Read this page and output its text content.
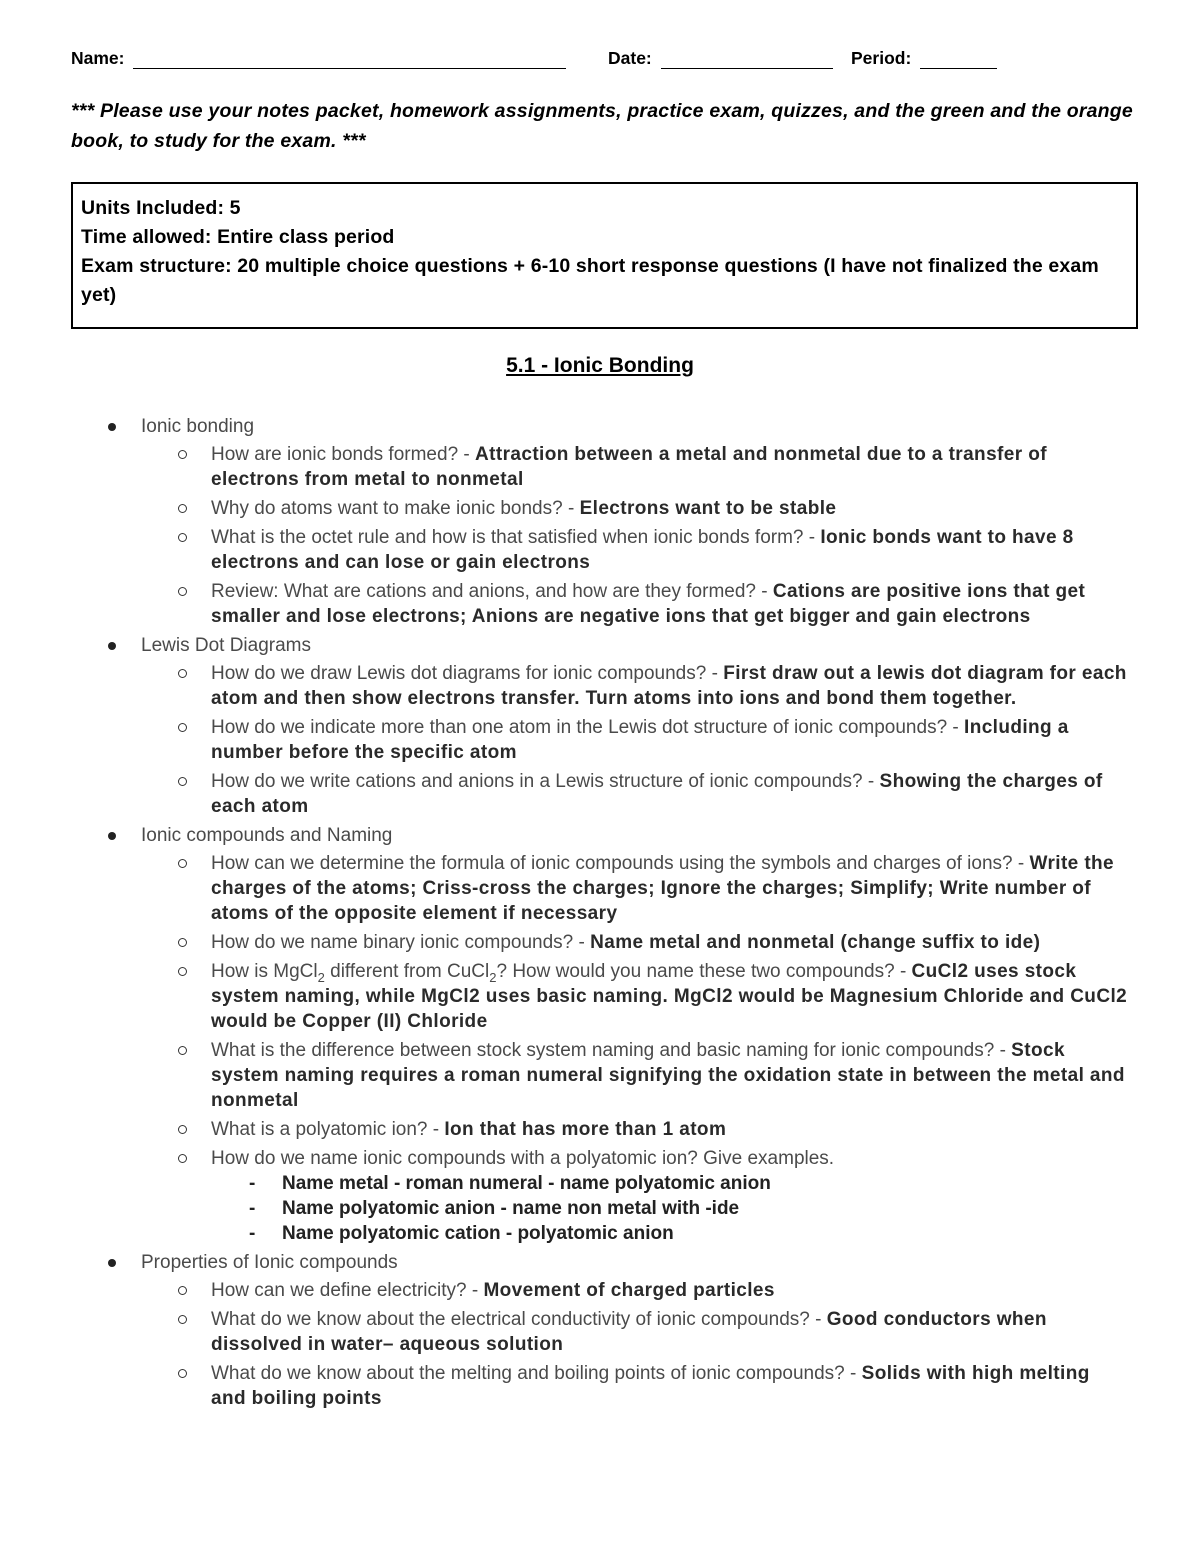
Name:	Date:	Period:
*** Please use your notes packet, homework assignments, practice exam, quizzes, and the green and the orange book, to study for the exam. ***
Units Included: 5
Time allowed: Entire class period
Exam structure: 20 multiple choice questions + 6-10 short response questions (I have not finalized the exam yet)
5.1 - Ionic Bonding
Ionic bonding
How are ionic bonds formed? - Attraction between a metal and nonmetal due to a transfer of electrons from metal to nonmetal
Why do atoms want to make ionic bonds? - Electrons want to be stable
What is the octet rule and how is that satisfied when ionic bonds form? - Ionic bonds want to have 8 electrons and can lose or gain electrons
Review: What are cations and anions, and how are they formed? - Cations are positive ions that get smaller and lose electrons; Anions are negative ions that get bigger and gain electrons
Lewis Dot Diagrams
How do we draw Lewis dot diagrams for ionic compounds? - First draw out a lewis dot diagram for each atom and then show electrons transfer. Turn atoms into ions and bond them together.
How do we indicate more than one atom in the Lewis dot structure of ionic compounds? - Including a number before the specific atom
How do we write cations and anions in a Lewis structure of ionic compounds? - Showing the charges of each atom
Ionic compounds and Naming
How can we determine the formula of ionic compounds using the symbols and charges of ions? - Write the charges of the atoms; Criss-cross the charges; Ignore the charges; Simplify; Write number of atoms of the opposite element if necessary
How do we name binary ionic compounds? - Name metal and nonmetal (change suffix to ide)
How is MgCl$_2$ different from CuCl$_2$? How would you name these two compounds? - CuCl2 uses stock system naming, while MgCl2 uses basic naming. MgCl2 would be Magnesium Chloride and CuCl2 would be Copper (II) Chloride
What is the difference between stock system naming and basic naming for ionic compounds? - Stock system naming requires a roman numeral signifying the oxidation state in between the metal and nonmetal
What is a polyatomic ion? - Ion that has more than 1 atom
How do we name ionic compounds with a polyatomic ion? Give examples.
- Name metal - roman numeral - name polyatomic anion
- Name polyatomic anion - name non metal with -ide
- Name polyatomic cation - polyatomic anion
Properties of Ionic compounds
How can we define electricity? - Movement of charged particles
What do we know about the electrical conductivity of ionic compounds? - Good conductors when dissolved in water– aqueous solution
What do we know about the melting and boiling points of ionic compounds? - Solids with high melting and boiling points
